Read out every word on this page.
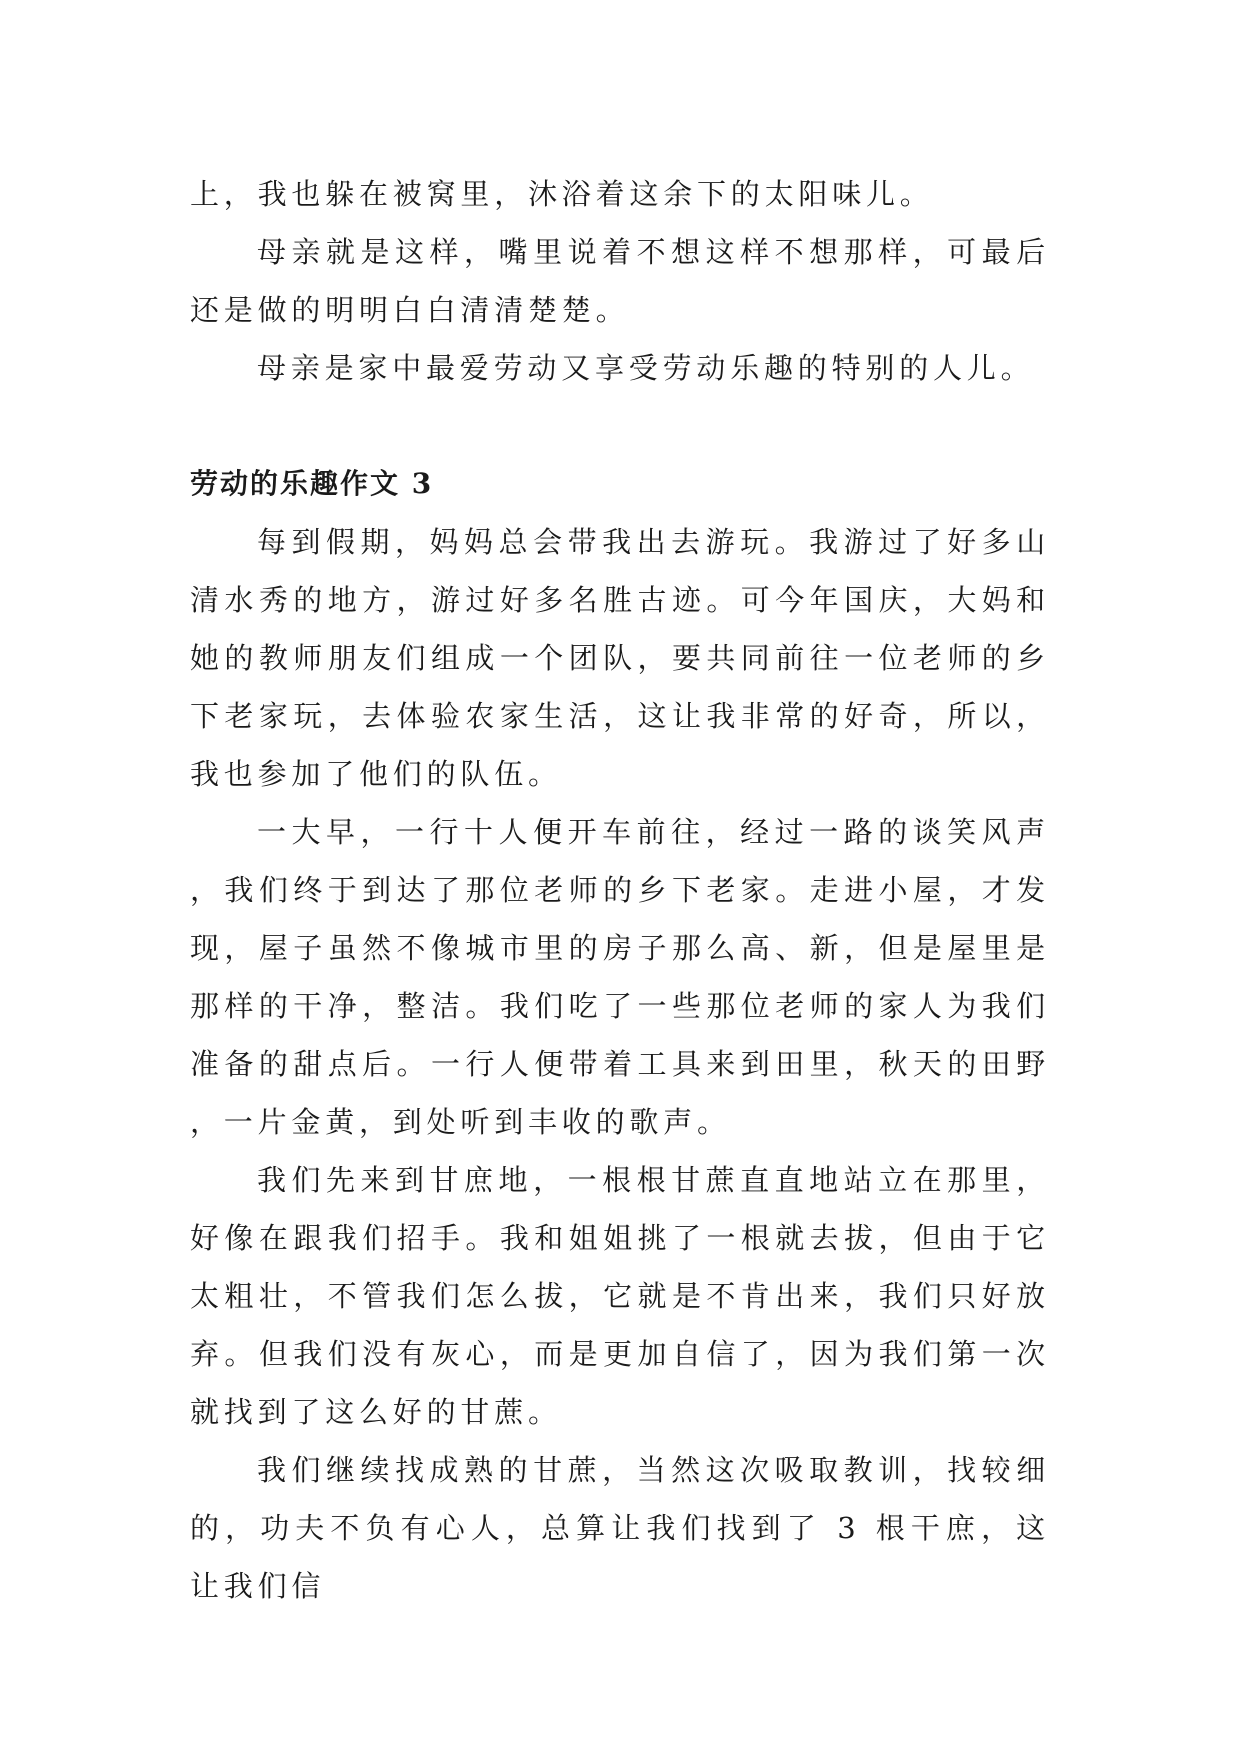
上，我也躲在被窝里，沐浴着这余下的太阳味儿。

母亲就是这样，嘴里说着不想这样不想那样，可最后还是做的明明白白清清楚楚。

母亲是家中最爱劳动又享受劳动乐趣的特别的人儿。

劳动的乐趣作文 3

每到假期，妈妈总会带我出去游玩。我游过了好多山清水秀的地方，游过好多名胜古迹。可今年国庆，大妈和她的教师朋友们组成一个团队，要共同前往一位老师的乡下老家玩，去体验农家生活，这让我非常的好奇，所以，我也参加了他们的队伍。

一大早，一行十人便开车前往，经过一路的谈笑风声，我们终于到达了那位老师的乡下老家。走进小屋，才发现，屋子虽然不像城市里的房子那么高、新，但是屋里是那样的干净，整洁。我们吃了一些那位老师的家人为我们准备的甜点后。一行人便带着工具来到田里，秋天的田野，一片金黄，到处听到丰收的歌声。

我们先来到甘庶地，一根根甘蔗直直地站立在那里，好像在跟我们招手。我和姐姐挑了一根就去拔，但由于它太粗壮，不管我们怎么拔，它就是不肯出来，我们只好放弃。但我们没有灰心，而是更加自信了，因为我们第一次就找到了这么好的甘蔗。

我们继续找成熟的甘蔗，当然这次吸取教训，找较细的，功夫不负有心人，总算让我们找到了 3 根干庶，这让我们信
